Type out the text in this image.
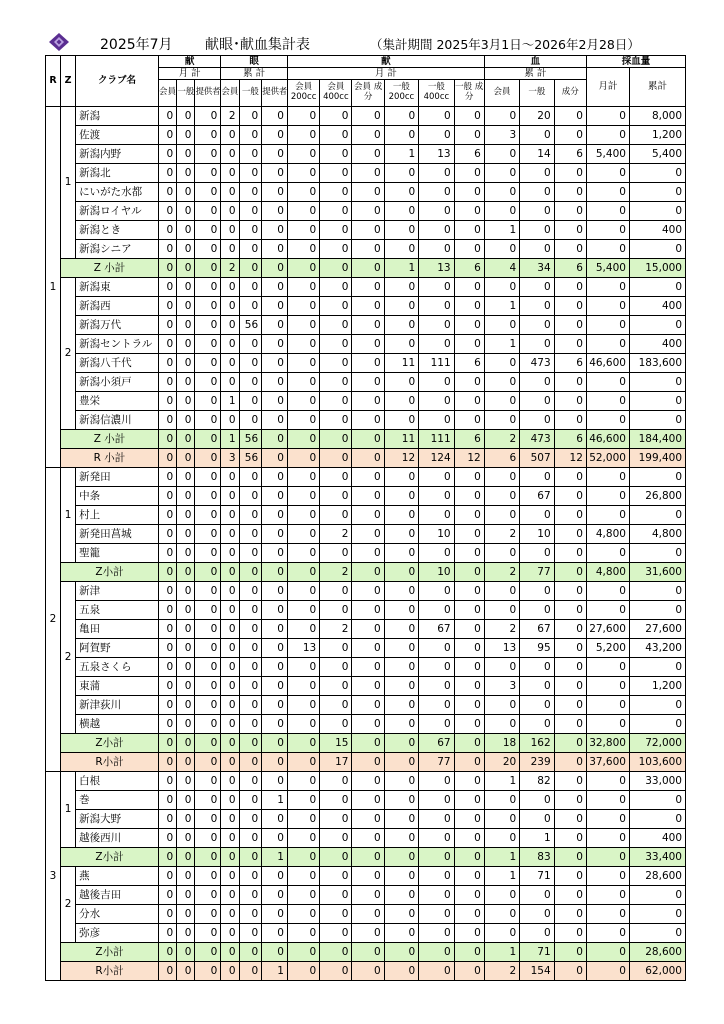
2025年7月 献眼･献血集計表	（集計期間 2025年3月1日～2026年2月28日）
R	Z	クラブ名	献			眼			献						血			採血量	
			月 計			累 計			月 計						累 計			月計	累計
			会員	一般	提供者	会員	一般	提供者	会員 200cc	会員 400cc	会員 成分	一般 200cc	一般 400cc	一般 成分	会員	一般	成分		
1	1	新潟	0	0	0	2	0	0	0	0	0	0	0	0	0	20	0	0	8,000
		佐渡	0	0	0	0	0	0	0	0	0	0	0	0	3	0	0	0	1,200
		新潟内野	0	0	0	0	0	0	0	0	0	1	13	6	0	14	6	5,400	5,400
		新潟北	0	0	0	0	0	0	0	0	0	0	0	0	0	0	0	0	0
		にいがた水都	0	0	0	0	0	0	0	0	0	0	0	0	0	0	0	0	0
		新潟ロイヤル	0	0	0	0	0	0	0	0	0	0	0	0	0	0	0	0	0
		新潟とき	0	0	0	0	0	0	0	0	0	0	0	0	1	0	0	0	400
		新潟シニア	0	0	0	0	0	0	0	0	0	0	0	0	0	0	0	0	0
	Z 小計		0	0	0	2	0	0	0	0	0	1	13	6	4	34	6	5,400	15,000
	2	新潟東	0	0	0	0	0	0	0	0	0	0	0	0	0	0	0	0	0
		新潟西	0	0	0	0	0	0	0	0	0	0	0	0	1	0	0	0	400
		新潟万代	0	0	0	0	56	0	0	0	0	0	0	0	0	0	0	0	0
		新潟セントラル	0	0	0	0	0	0	0	0	0	0	0	0	1	0	0	0	400
		新潟八千代	0	0	0	0	0	0	0	0	0	11	111	6	0	473	6	46,600	183,600
		新潟小須戸	0	0	0	0	0	0	0	0	0	0	0	0	0	0	0	0	0
		豊栄	0	0	0	1	0	0	0	0	0	0	0	0	0	0	0	0	0
		新潟信濃川	0	0	0	0	0	0	0	0	0	0	0	0	0	0	0	0	0
	Z 小計		0	0	0	1	56	0	0	0	0	11	111	6	2	473	6	46,600	184,400
	R 小計		0	0	0	3	56	0	0	0	0	12	124	12	6	507	12	52,000	199,400
2	1	新発田	0	0	0	0	0	0	0	0	0	0	0	0	0	0	0	0	0
		中条	0	0	0	0	0	0	0	0	0	0	0	0	0	67	0	0	26,800
		村上	0	0	0	0	0	0	0	0	0	0	0	0	0	0	0	0	0
		新発田菖城	0	0	0	0	0	0	0	2	0	0	10	0	2	10	0	4,800	4,800
		聖籠	0	0	0	0	0	0	0	0	0	0	0	0	0	0	0	0	0
	Z小計		0	0	0	0	0	0	0	2	0	0	10	0	2	77	0	4,800	31,600
	2	新津	0	0	0	0	0	0	0	0	0	0	0	0	0	0	0	0	0
		五泉	0	0	0	0	0	0	0	0	0	0	0	0	0	0	0	0	0
		亀田	0	0	0	0	0	0	0	2	0	0	67	0	2	67	0	27,600	27,600
		阿賀野	0	0	0	0	0	0	13	0	0	0	0	0	13	95	0	5,200	43,200
		五泉さくら	0	0	0	0	0	0	0	0	0	0	0	0	0	0	0	0	0
		東蒲	0	0	0	0	0	0	0	0	0	0	0	0	3	0	0	0	1,200
		新津荻川	0	0	0	0	0	0	0	0	0	0	0	0	0	0	0	0	0
		横越	0	0	0	0	0	0	0	0	0	0	0	0	0	0	0	0	0
	Z小計		0	0	0	0	0	0	0	15	0	0	67	0	18	162	0	32,800	72,000
	R小計		0	0	0	0	0	0	0	17	0	0	77	0	20	239	0	37,600	103,600
3	1	白根	0	0	0	0	0	0	0	0	0	0	0	0	1	82	0	0	33,000
		巻	0	0	0	0	0	1	0	0	0	0	0	0	0	0	0	0	0
		新潟大野	0	0	0	0	0	0	0	0	0	0	0	0	0	0	0	0	0
		越後西川	0	0	0	0	0	0	0	0	0	0	0	0	0	1	0	0	400
	Z小計		0	0	0	0	0	1	0	0	0	0	0	0	1	83	0	0	33,400
	2	燕	0	0	0	0	0	0	0	0	0	0	0	0	1	71	0	0	28,600
		越後吉田	0	0	0	0	0	0	0	0	0	0	0	0	0	0	0	0	0
		分水	0	0	0	0	0	0	0	0	0	0	0	0	0	0	0	0	0
		弥彦	0	0	0	0	0	0	0	0	0	0	0	0	0	0	0	0	0
	Z小計		0	0	0	0	0	0	0	0	0	0	0	0	1	71	0	0	28,600
	R小計		0	0	0	0	0	1	0	0	0	0	0	0	2	154	0	0	62,000
